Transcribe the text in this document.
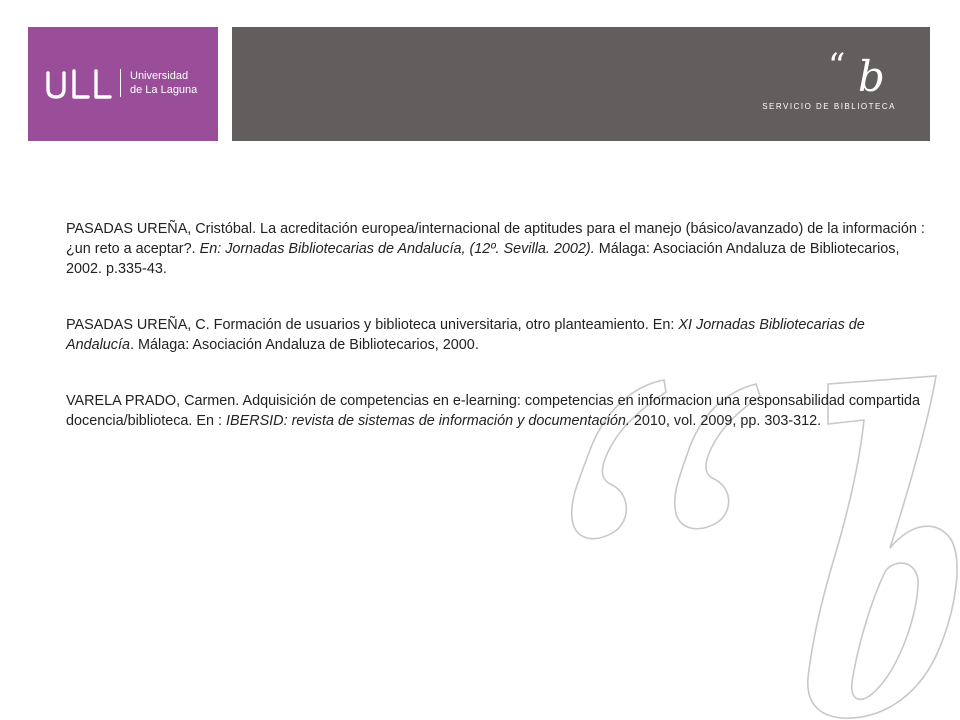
Universidad
de La Laguna
“ b
SERVICIO DE BIBLIOTECA

PASADAS UREÑA, Cristóbal. La acreditación europea/internacional de aptitudes para el manejo (básico/avanzado) de la información : ¿un reto a aceptar?. En: Jornadas Bibliotecarias de Andalucía, (12º. Sevilla. 2002). Málaga: Asociación Andaluza de Bibliotecarios, 2002. p.335-43.

PASADAS UREÑA, C. Formación de usuarios y biblioteca universitaria, otro planteamiento. En: XI Jornadas Bibliotecarias de Andalucía. Málaga: Asociación Andaluza de Bibliotecarios, 2000.

VARELA PRADO, Carmen. Adquisición de competencias en e-learning: competencias en informacion una responsabilidad compartida docencia/biblioteca. En : IBERSID: revista de sistemas de información y documentación. 2010, vol. 2009, pp. 303-312.
